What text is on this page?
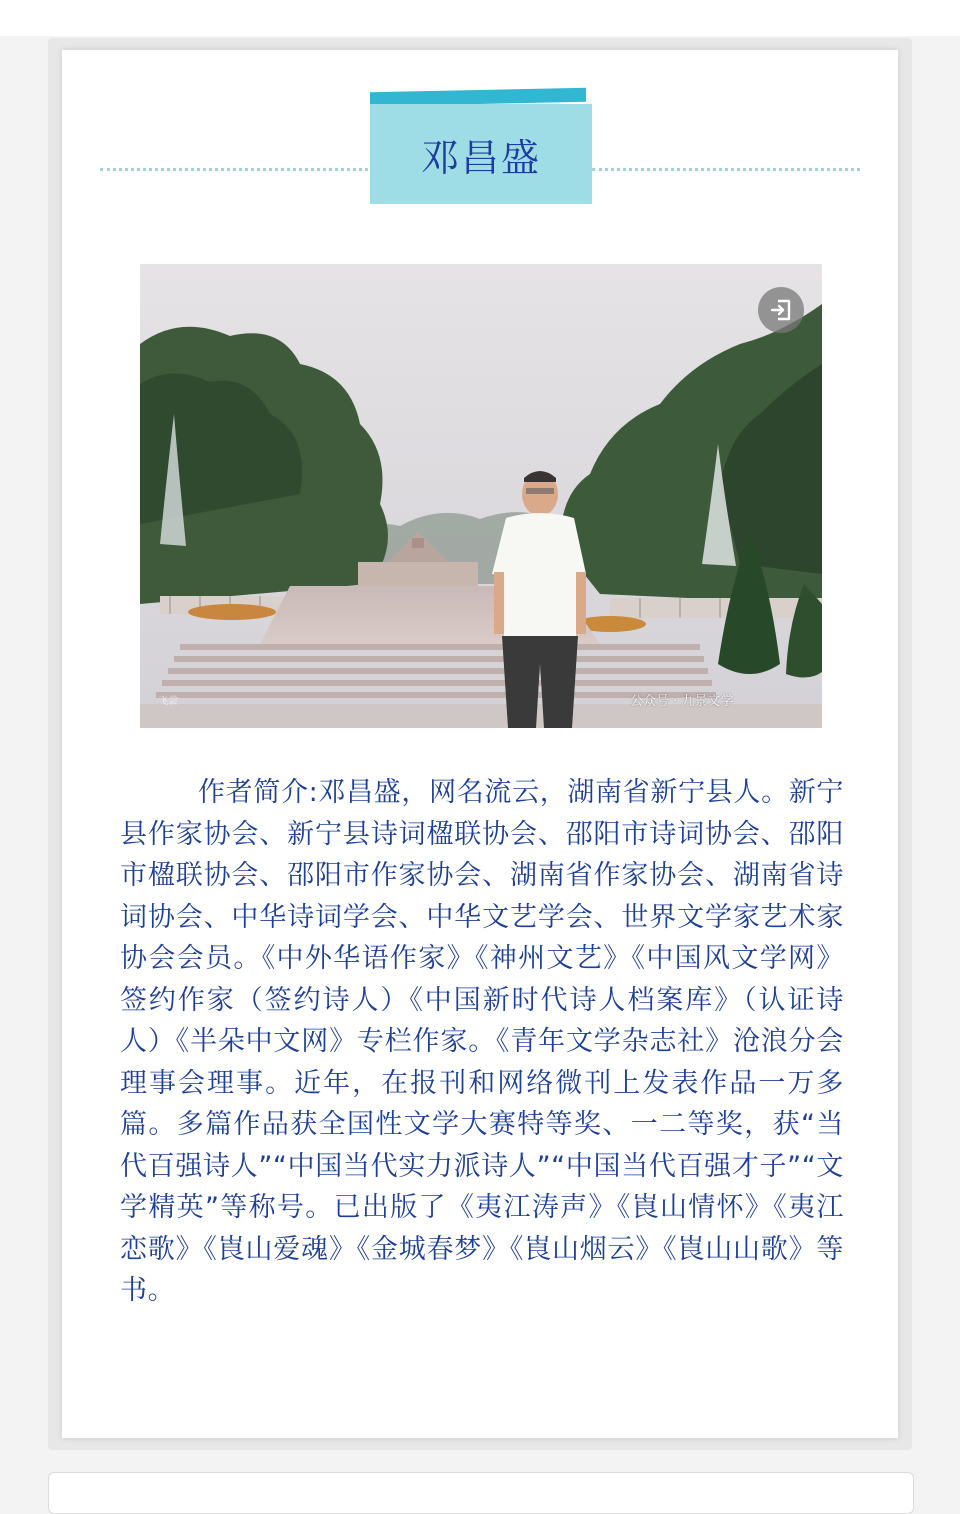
邓昌盛
公众号 · 九景文学
飞尝

作者简介:邓昌盛，网名流云，湖南省新宁县人。新宁县作家协会、新宁县诗词楹联协会、邵阳市诗词协会、邵阳市楹联协会、邵阳市作家协会、湖南省作家协会、湖南省诗词协会、中华诗词学会、中华文艺学会、世界文学家艺术家协会会员。《中外华语作家》《神州文艺》《中国风文学网》签约作家（签约诗人）《中国新时代诗人档案库》（认证诗人）《半朵中文网》专栏作家。《青年文学杂志社》沧浪分会理事会理事。近年，在报刊和网络微刊上发表作品一万多篇。多篇作品获全国性文学大赛特等奖、一二等奖，获“当代百强诗人”“中国当代实力派诗人”“中国当代百强才子”“文学精英”等称号。已出版了《夷江涛声》《崀山情怀》《夷江恋歌》《崀山爱魂》《金城春梦》《崀山烟云》《崀山山歌》等书。
